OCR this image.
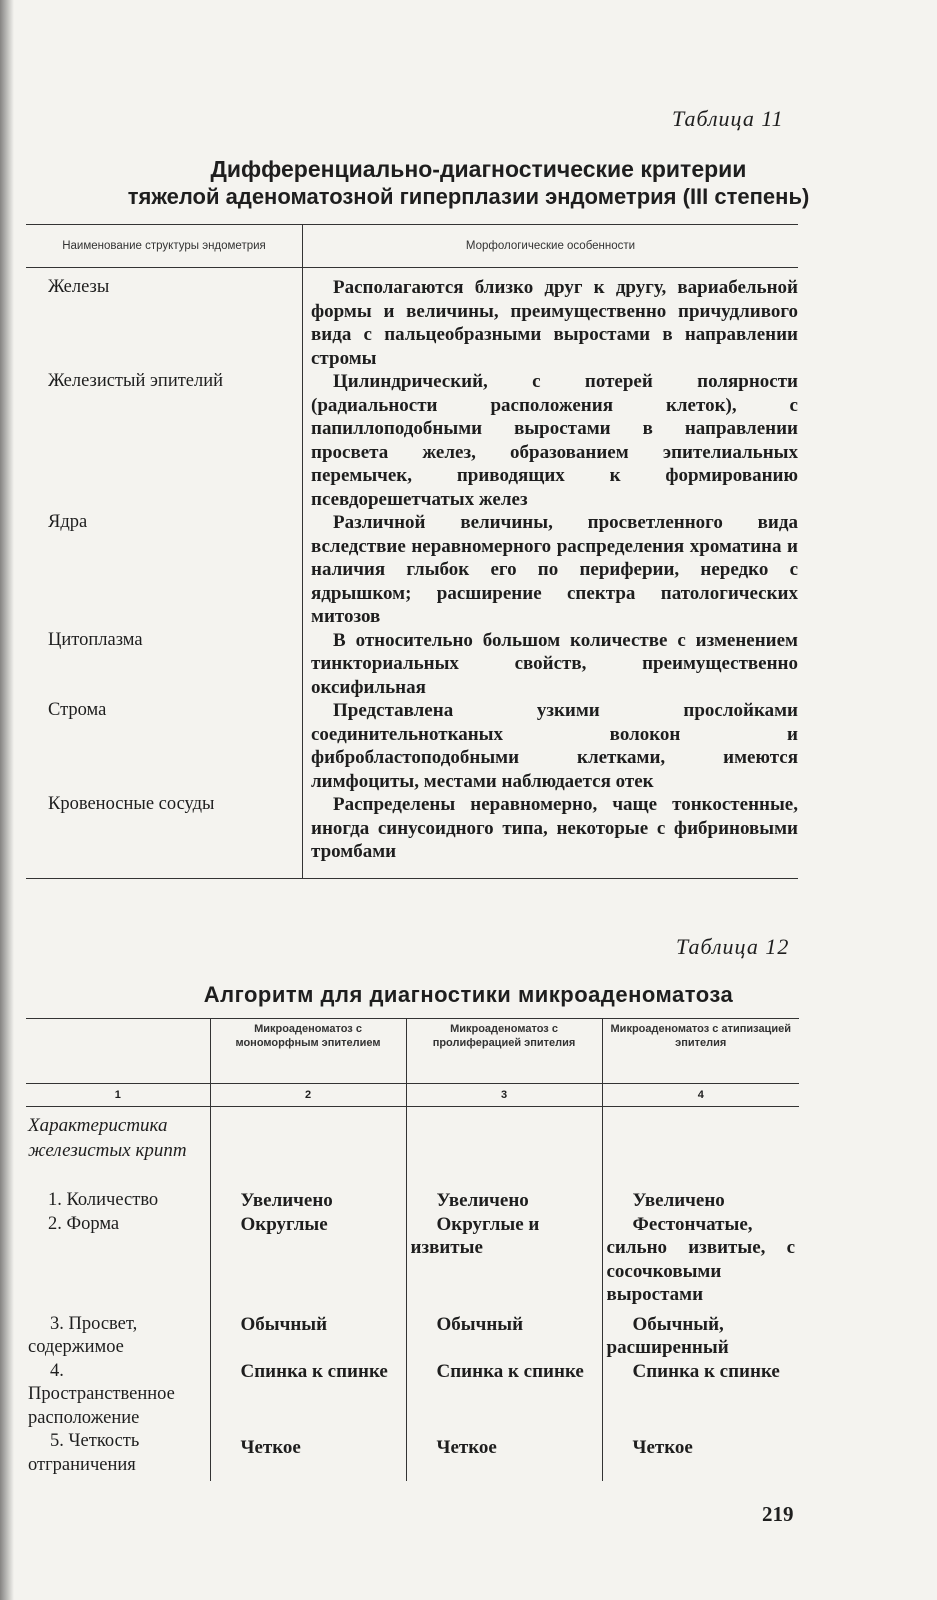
Таблица 11
Дифференциально-диагностические критерии
тяжелой аденоматозной гиперплазии эндометрия (III степень)
Наименование структуры эндометрия	Морфологические особенности
Железы	Располагаются близко друг к другу, вариабельной формы и величины, преимущественно причудливого вида с пальцеобразными выростами в направлении стромы
Железистый эпителий	Цилиндрический, с потерей полярности (радиальности расположения клеток), с папиллоподобными выростами в направлении просвета желез, образованием эпителиальных перемычек, приводящих к формированию псевдорешетчатых желез
Ядра	Различной величины, просветленного вида вследствие неравномерного распределения хроматина и наличия глыбок его по периферии, нередко с ядрышком; расширение спектра патологических митозов
Цитоплазма	В относительно большом количестве с изменением тинкториальных свойств, преимущественно оксифильная
Строма	Представлена узкими прослойками соединительнотканых волокон и фибробластоподобными клетками, имеются лимфоциты, местами наблюдается отек
Кровеносные сосуды	Распределены неравномерно, чаще тонкостенные, иногда синусоидного типа, некоторые с фибриновыми тромбами
Таблица 12
Алгоритм для диагностики микроаденоматоза
	Микроаденоматоз с мономорфным эпителием	Микроаденоматоз с пролиферацией эпителия	Микроаденоматоз с атипизацией эпителия
1	2	3	4
Характеристика железистых крипт			
1. Количество	Увеличено	Увеличено	Увеличено
2. Форма	Округлые	Округлые и извитые	Фестончатые, сильно извитые, с сосочковыми выростами
3. Просвет, содержимое	Обычный	Обычный	Обычный, расширенный
4. Пространственное расположение	Спинка к спинке	Спинка к спинке	Спинка к спинке
5. Четкость отграничения	Четкое	Четкое	Четкое
219
